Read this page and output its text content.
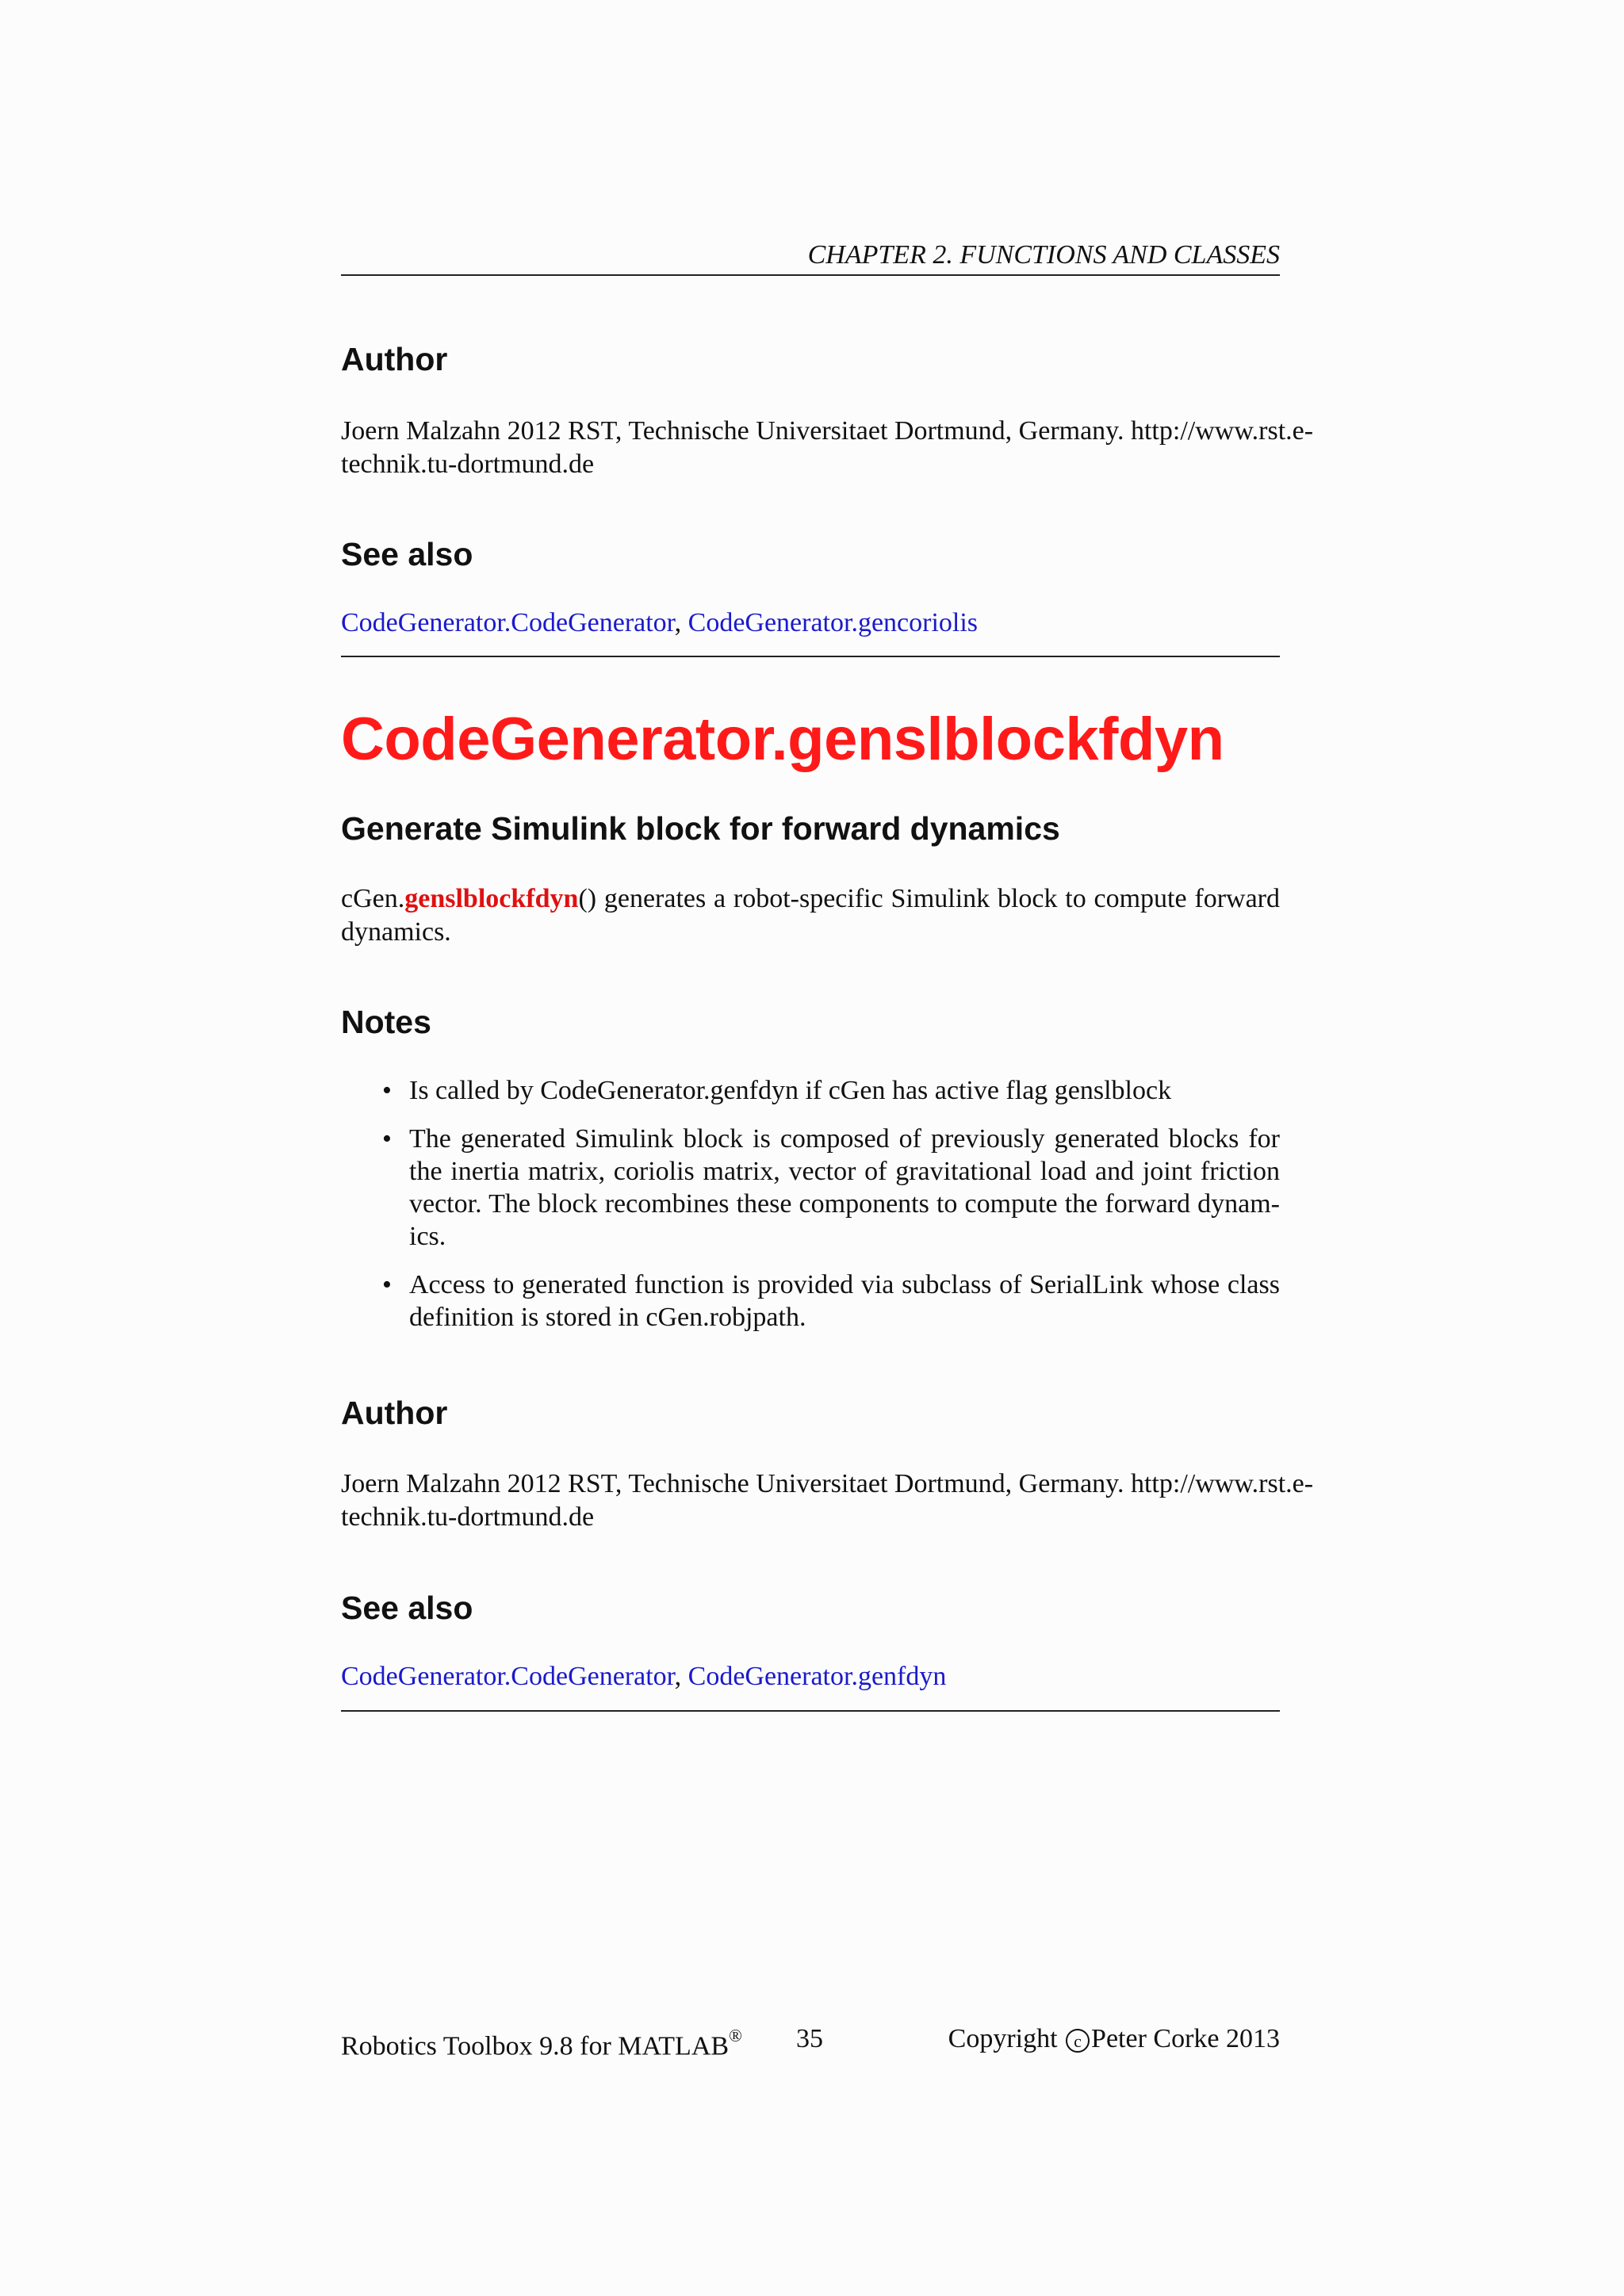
CHAPTER 2. FUNCTIONS AND CLASSES
Author

Joern Malzahn 2012 RST, Technische Universitaet Dortmund, Germany. http://www.rst.e-technik.tu-dortmund.de

See also
CodeGenerator.CodeGenerator, CodeGenerator.gencoriolis
CodeGenerator.genslblockfdyn
Generate Simulink block for forward dynamics

cGen.genslblockfdyn() generates a robot-specific Simulink block to compute forward dynamics.

Notes
• Is called by CodeGenerator.genfdyn if cGen has active flag genslblock
• The generated Simulink block is composed of previously generated blocks for the inertia matrix, coriolis matrix, vector of gravitational load and joint friction vector. The block recombines these components to compute the forward dynam-ics.
• Access to generated function is provided via subclass of SerialLink whose class definition is stored in cGen.robjpath.
Author

Joern Malzahn 2012 RST, Technische Universitaet Dortmund, Germany. http://www.rst.e-technik.tu-dortmund.de

See also
CodeGenerator.CodeGenerator, CodeGenerator.genfdyn
Robotics Toolbox 9.8 for MATLAB® 35	Copyright c Peter Corke 2013
